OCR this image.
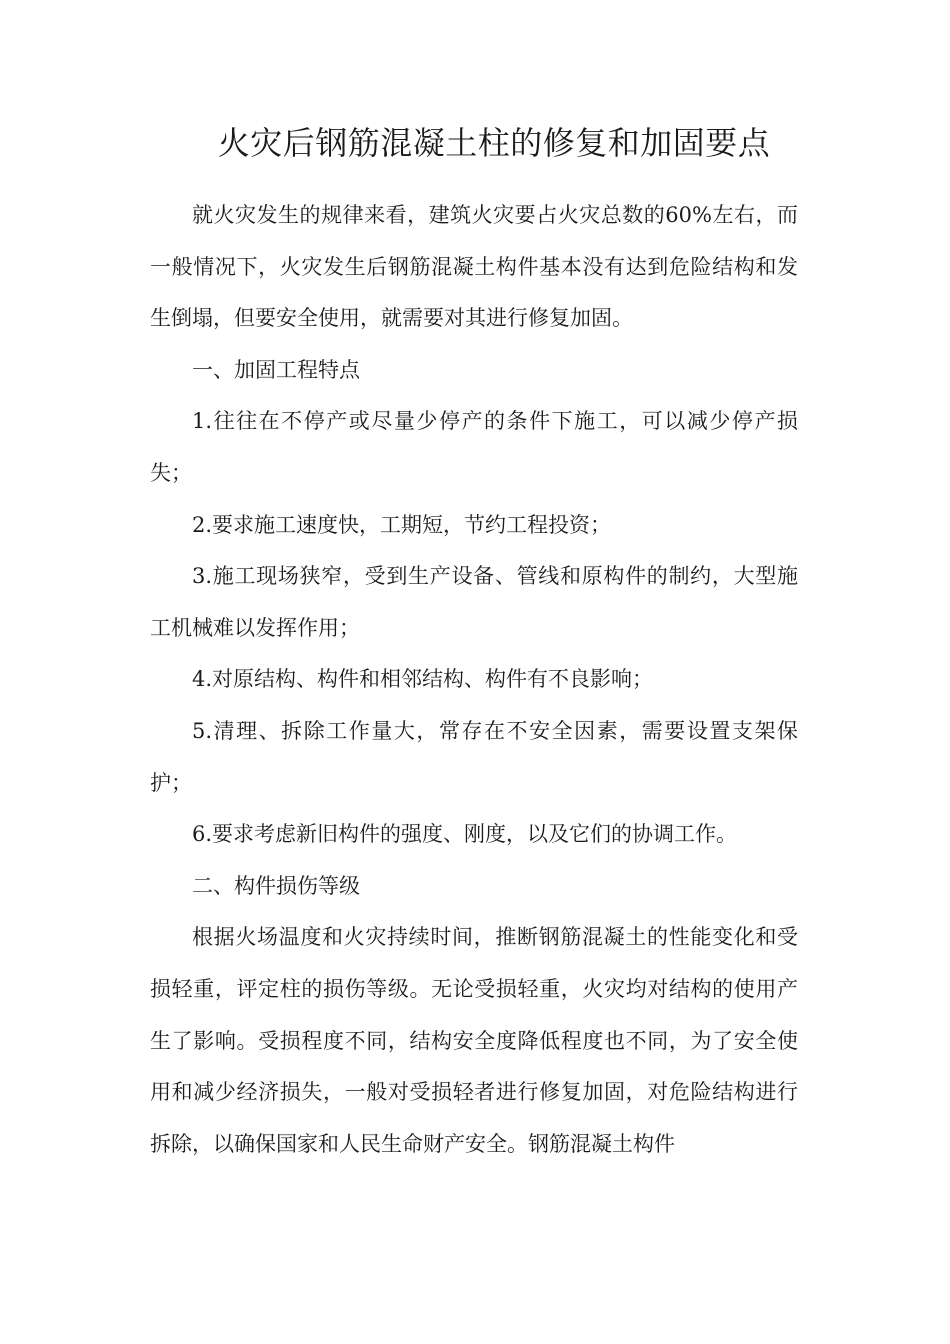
火灾后钢筋混凝土柱的修复和加固要点

就火灾发生的规律来看，建筑火灾要占火灾总数的60%左右，而一般情况下，火灾发生后钢筋混凝土构件基本没有达到危险结构和发生倒塌，但要安全使用，就需要对其进行修复加固。

一、加固工程特点

1.往往在不停产或尽量少停产的条件下施工，可以减少停产损失；

2.要求施工速度快，工期短，节约工程投资；

3.施工现场狭窄，受到生产设备、管线和原构件的制约，大型施工机械难以发挥作用；

4.对原结构、构件和相邻结构、构件有不良影响；

5.清理、拆除工作量大，常存在不安全因素，需要设置支架保护；

6.要求考虑新旧构件的强度、刚度，以及它们的协调工作。

二、构件损伤等级

根据火场温度和火灾持续时间，推断钢筋混凝土的性能变化和受损轻重，评定柱的损伤等级。无论受损轻重，火灾均对结构的使用产生了影响。受损程度不同，结构安全度降低程度也不同，为了安全使用和减少经济损失，一般对受损轻者进行修复加固，对危险结构进行拆除，以确保国家和人民生命财产安全。钢筋混凝土构件
